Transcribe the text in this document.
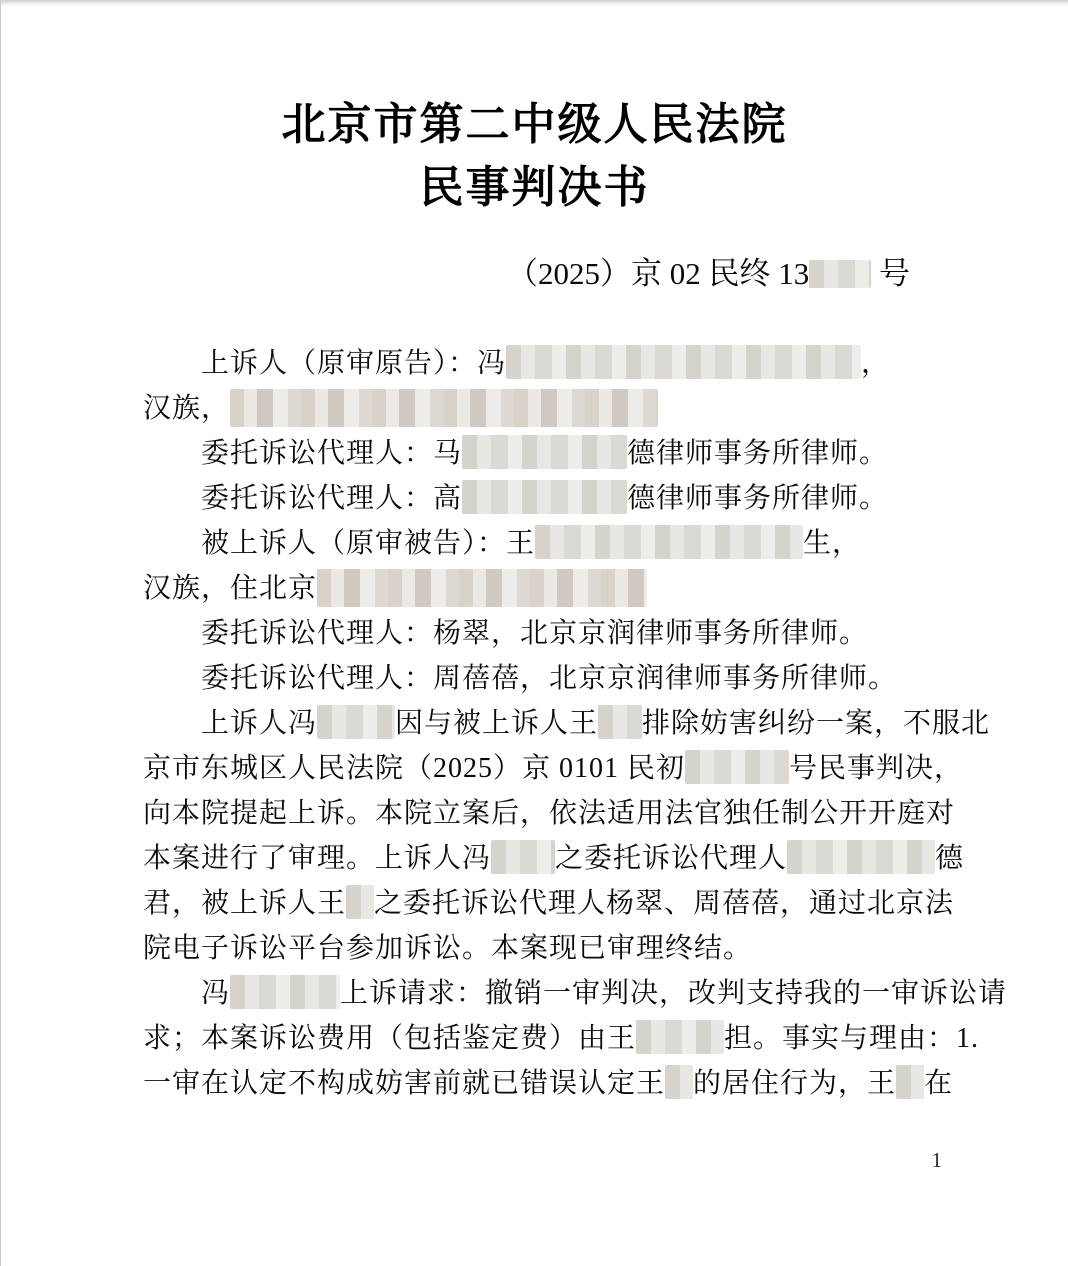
北京市第二中级人民法院
民事判决书
（2025）京 02 民终 13 号
上诉人（原审原告）：冯	，
汉族，
委托诉讼代理人：马	德律师事务所律师。
委托诉讼代理人：高	德律师事务所律师。
被上诉人（原审被告）：王	生，
汉族，住北京
委托诉讼代理人：杨翠，北京京润律师事务所律师。
委托诉讼代理人：周蓓蓓，北京京润律师事务所律师。
上诉人冯	因与被上诉人王 排除妨害纠纷一案，不服北
京市东城区人民法院（2025）京 0101 民初	号民事判决，
向本院提起上诉。本院立案后，依法适用法官独任制公开开庭对
本案进行了审理。上诉人冯 之委托诉讼代理人	德
君，被上诉人王 之委托诉讼代理人杨翠、周蓓蓓，通过北京法
院电子诉讼平台参加诉讼。本案现已审理终结。
冯	上诉请求：撤销一审判决，改判支持我的一审诉讼请
求；本案诉讼费用（包括鉴定费）由王	担。事实与理由：1.
一审在认定不构成妨害前就已错误认定王 的居住行为，王 在
1
